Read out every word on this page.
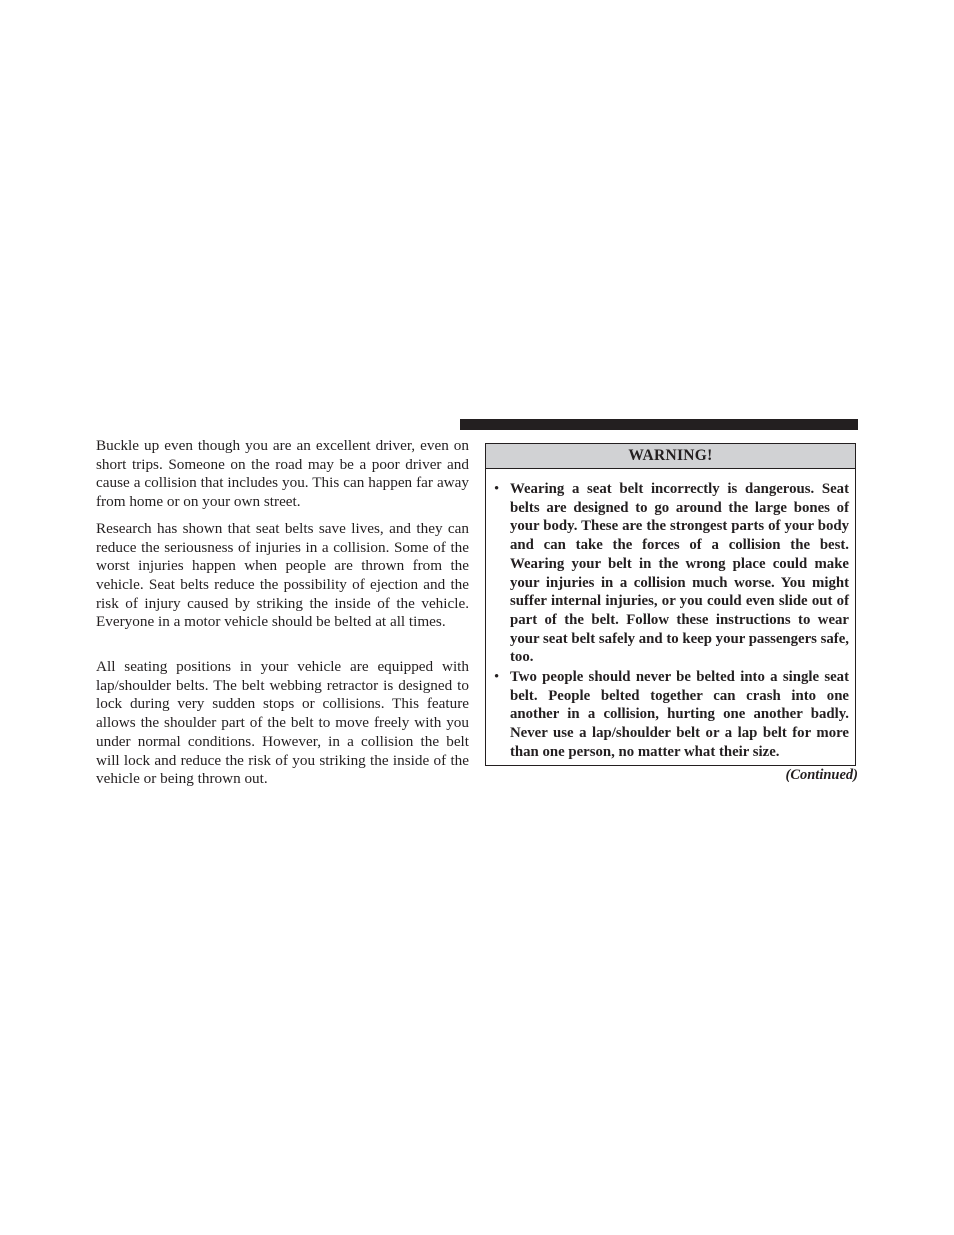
Buckle up even though you are an excellent driver, even on short trips. Someone on the road may be a poor driver and cause a collision that includes you. This can happen far away from home or on your own street.

Research has shown that seat belts save lives, and they can reduce the seriousness of injuries in a collision. Some of the worst injuries happen when people are thrown from the vehicle. Seat belts reduce the possibility of ejection and the risk of injury caused by striking the inside of the vehicle. Everyone in a motor vehicle should be belted at all times.

All seating positions in your vehicle are equipped with lap/shoulder belts. The belt webbing retractor is designed to lock during very sudden stops or collisions. This feature allows the shoulder part of the belt to move freely with you under normal conditions. However, in a collision the belt will lock and reduce the risk of you striking the inside of the vehicle or being thrown out.

WARNING!
• Wearing a seat belt incorrectly is dangerous. Seat belts are designed to go around the large bones of your body. These are the strongest parts of your body and can take the forces of a collision the best. Wearing your belt in the wrong place could make your injuries in a collision much worse. You might suffer internal injuries, or you could even slide out of part of the belt. Follow these instructions to wear your seat belt safely and to keep your passengers safe, too.
• Two people should never be belted into a single seat belt. People belted together can crash into one another in a collision, hurting one another badly. Never use a lap/shoulder belt or a lap belt for more than one person, no matter what their size.
(Continued)
